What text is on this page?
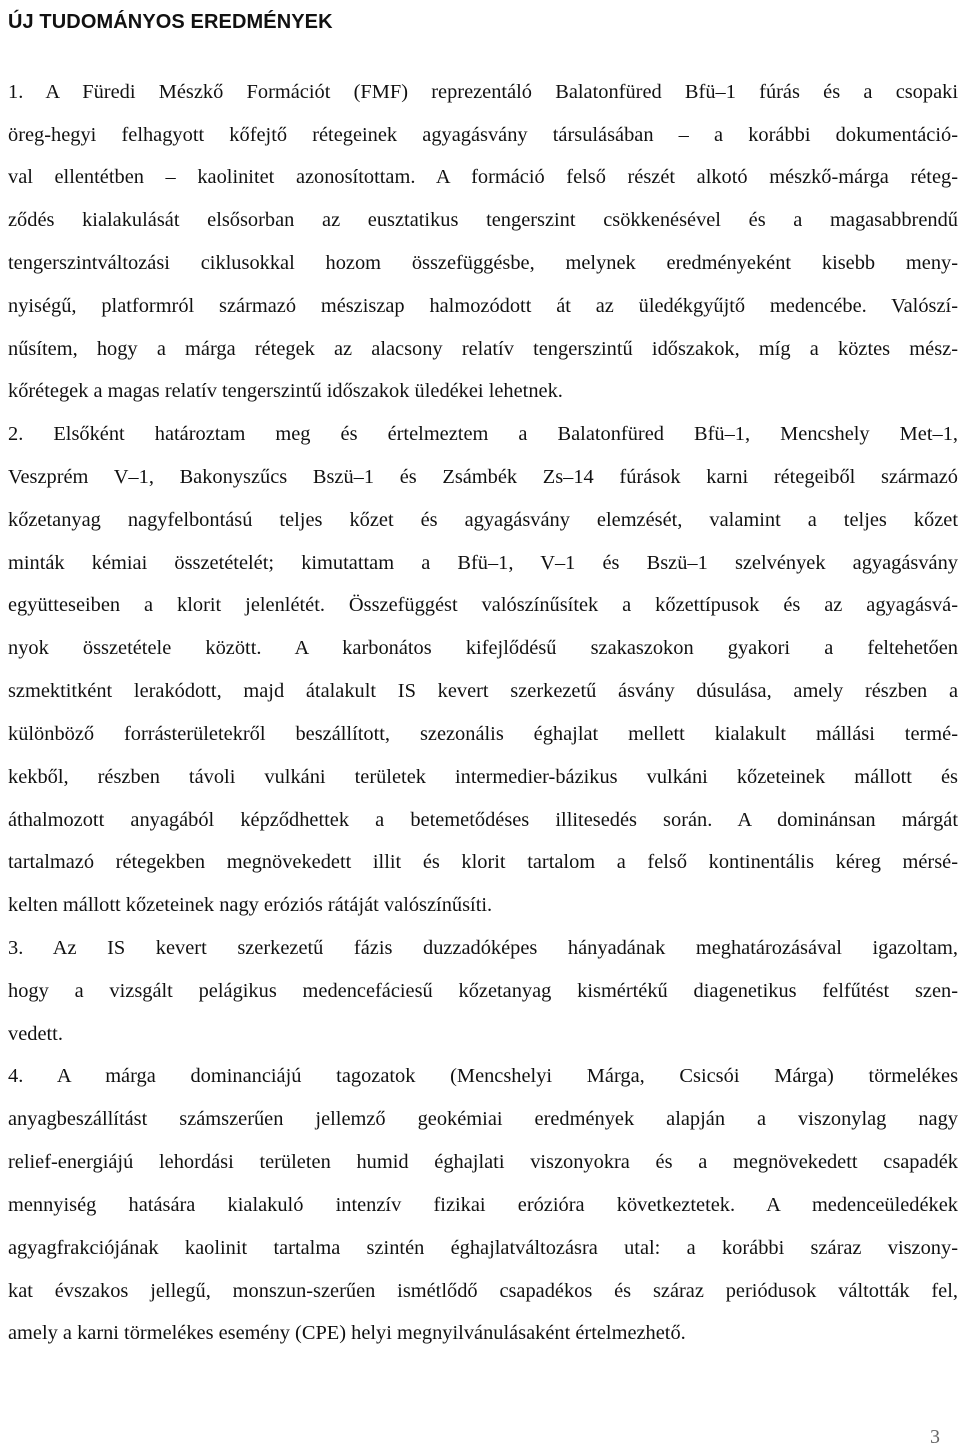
ÚJ TUDOMÁNYOS EREDMÉNYEK
1. A Füredi Mészkő Formációt (FMF) reprezentáló Balatonfüred Bfü–1 fúrás és a csopaki
öreg-hegyi felhagyott kőfejtő rétegeinek agyagásvány társulásában – a korábbi dokumentáció-
val ellentétben – kaolinitet azonosítottam. A formáció felső részét alkotó mészkő-márga réteg-
ződés kialakulását elsősorban az eusztatikus tengerszint csökkenésével és a magasabbrendű
tengerszintváltozási ciklusokkal hozom összefüggésbe, melynek eredményeként kisebb meny-
nyiségű, platformról származó mésziszap halmozódott át az üledékgyűjtő medencébe. Valószí-
nűsítem, hogy a márga rétegek az alacsony relatív tengerszintű időszakok, míg a köztes mész-
kőrétegek a magas relatív tengerszintű időszakok üledékei lehetnek.
2. Elsőként határoztam meg és értelmeztem a Balatonfüred Bfü–1, Mencshely Met–1,
Veszprém V–1, Bakonyszűcs Bszü–1 és Zsámbék Zs–14 fúrások karni rétegeiből származó
kőzetanyag nagyfelbontású teljes kőzet és agyagásvány elemzését, valamint a teljes kőzet
minták kémiai összetételét; kimutattam a Bfü–1, V–1 és Bszü–1 szelvények agyagásvány
együtteseiben a klorit jelenlétét. Összefüggést valószínűsítek a kőzettípusok és az agyagásvá-
nyok összetétele között. A karbonátos kifejlődésű szakaszokon gyakori a feltehetően
szmektitként lerakódott, majd átalakult IS kevert szerkezetű ásvány dúsulása, amely részben a
különböző forrásterületekről beszállított, szezonális éghajlat mellett kialakult mállási termé-
kekből, részben távoli vulkáni területek intermedier-bázikus vulkáni kőzeteinek mállott és
áthalmozott anyagából képződhettek a betemetődéses illitesedés során. A dominánsan márgát
tartalmazó rétegekben megnövekedett illit és klorit tartalom a felső kontinentális kéreg mérsé-
kelten mállott kőzeteinek nagy eróziós rátáját valószínűsíti.
3. Az IS kevert szerkezetű fázis duzzadóképes hányadának meghatározásával igazoltam,
hogy a vizsgált pelágikus medencefáciesű kőzetanyag kismértékű diagenetikus felfűtést szen-
vedett.
4. A márga dominanciájú tagozatok (Mencshelyi Márga, Csicsói Márga) törmelékes
anyagbeszállítást számszerűen jellemző geokémiai eredmények alapján a viszonylag nagy
relief-energiájú lehordási területen humid éghajlati viszonyokra és a megnövekedett csapadék
mennyiség hatására kialakuló intenzív fizikai erózióra következtetek. A medenceüledékek
agyagfrakciójának kaolinit tartalma szintén éghajlatváltozásra utal: a korábbi száraz viszony-
kat évszakos jellegű, monszun-szerűen ismétlődő csapadékos és száraz periódusok váltották fel,
amely a karni törmelékes esemény (CPE) helyi megnyilvánulásaként értelmezhető.
3
